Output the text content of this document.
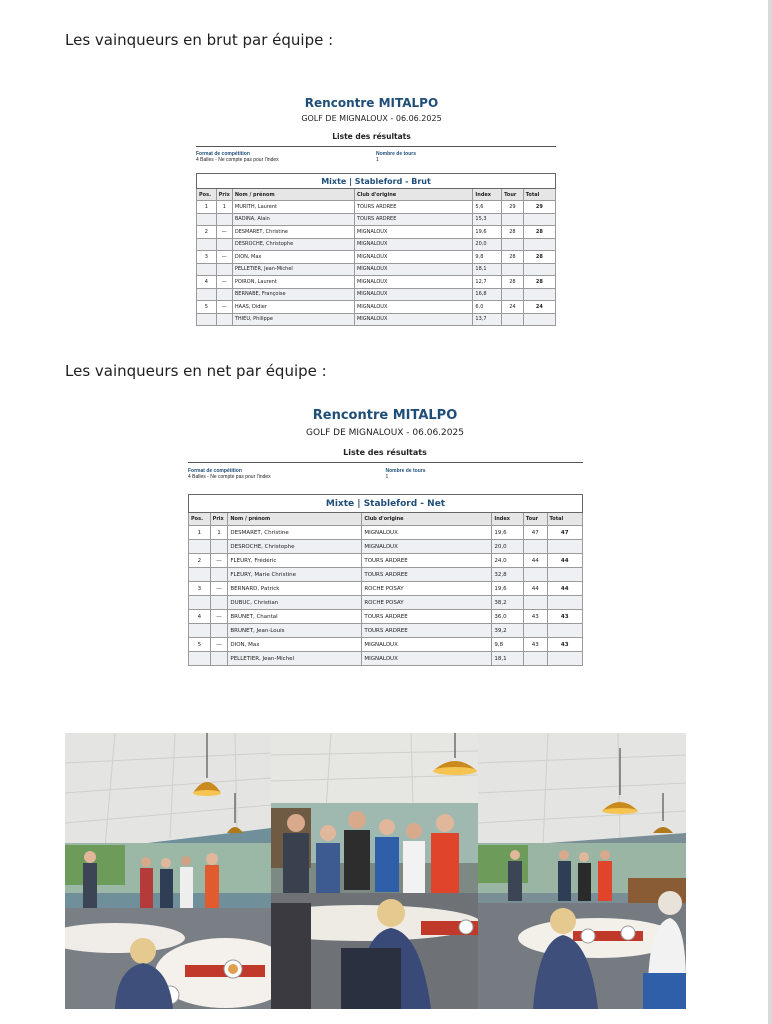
Les vainqueurs en brut par équipe :
Rencontre MITALPO
GOLF DE MIGNALOUX - 06.06.2025
Liste des résultats
Format de compétition
4 Balles - Ne compte pas pour l'index
Nombre de tours
1
Mixte | Stableford - Brut						
Pos.	Prix	Nom / prénom	Club d'origine	Index	Tour	Total
1	1	MURITH, Laurent	TOURS ARDREE	5,6	29	29
		BADINA, Alain	TOURS ARDREE	15,3		
2	—	DESMARET, Christine	MIGNALOUX	19,6	28	28
		DESROCHE, Christophe	MIGNALOUX	20,0		
3	—	DION, Max	MIGNALOUX	9,8	28	28
		PELLETIER, Jean-Michel	MIGNALOUX	18,1		
4	—	POIRON, Laurent	MIGNALOUX	12,7	28	28
		BERNABE, Françoise	MIGNALOUX	16,8		
5	—	HAAS, Didier	MIGNALOUX	6,0	24	24
		THIEU, Philippe	MIGNALOUX	13,7		
Les vainqueurs en net par équipe :
Rencontre MITALPO
GOLF DE MIGNALOUX - 06.06.2025
Liste des résultats
Format de compétition
4 Balles - Ne compte pas pour l'index
Nombre de tours
1
Mixte | Stableford - Net						
Pos.	Prix	Nom / prénom	Club d'origine	Index	Tour	Total
1	1	DESMARET, Christine	MIGNALOUX	19,6	47	47
		DESROCHE, Christophe	MIGNALOUX	20,0		
2	—	FLEURY, Frédéric	TOURS ARDREE	24,0	44	44
		FLEURY, Marie Christine	TOURS ARDREE	32,8		
3	—	BERNARD, Patrick	ROCHE POSAY	19,6	44	44
		DUBUC, Christian	ROCHE POSAY	38,2		
4	—	BRUNET, Chantal	TOURS ARDREE	36,0	43	43
		BRUNET, Jean-Louis	TOURS ARDREE	39,2		
5	—	DION, Max	MIGNALOUX	9,8	43	43
		PELLETIER, Jean-Michel	MIGNALOUX	18,1		
